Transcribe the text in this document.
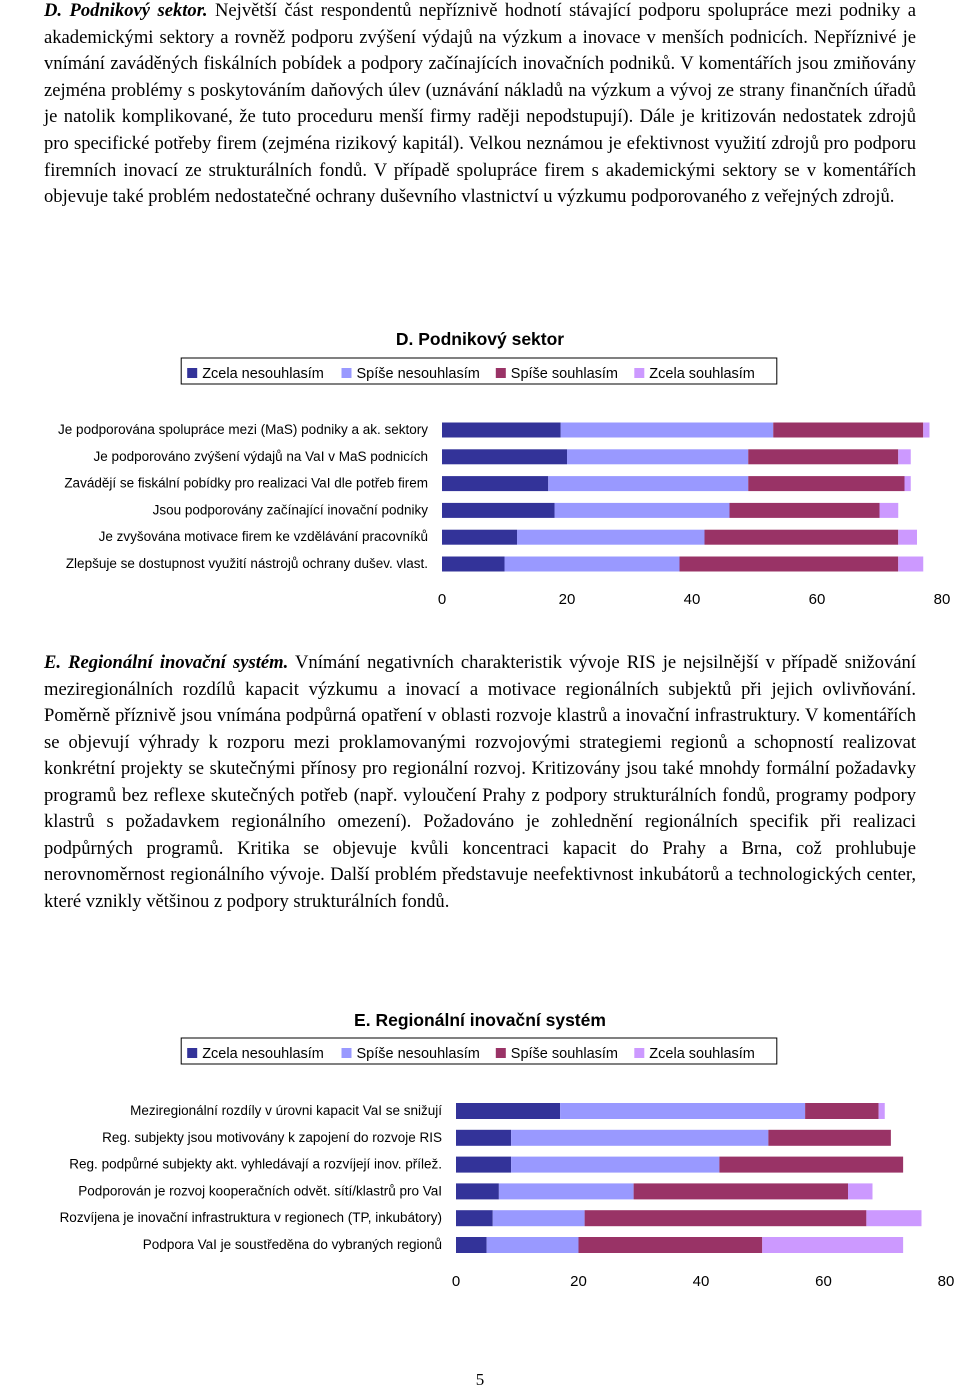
D. Podnikový sektor. Největší část respondentů nepříznivě hodnotí stávající podporu spolupráce mezi podniky a akademickými sektory a rovněž podporu zvýšení výdajů na výzkum a inovace v menších podnicích. Nepříznivé je vnímání zaváděných fiskálních pobídek a podpory začínajících inovačních podniků. V komentářích jsou zmiňovány zejména problémy s poskytováním daňových úlev (uznávání nákladů na výzkum a vývoj ze strany finančních úřadů je natolik komplikované, že tuto proceduru menší firmy raději nepodstupují). Dále je kritizován nedostatek zdrojů pro specifické potřeby firem (zejména rizikový kapitál). Velkou neznámou je efektivnost využití zdrojů pro podporu firemních inovací ze strukturálních fondů. V případě spolupráce firem s akademickými sektory se v komentářích objevuje také problém nedostatečné ochrany duševního vlastnictví u výzkumu podporovaného z veřejných zdrojů.

D. Podnikový sektor
Zcela nesouhlasím Spíše nesouhlasím Spíše souhlasím Zcela souhlasím
Je podporována spolupráce mezi (MaS) podniky a ak. sektory
Je podporováno zvýšení výdajů na VaI v MaS podnicích
Zavádějí se fiskální pobídky pro realizaci VaI dle potřeb firem
Jsou podporovány začínající inovační podniky
Je zvyšována motivace firem ke vzdělávání pracovníků
Zlepšuje se dostupnost využití nástrojů ochrany dušev. vlast.
0	20	40	60	80

E. Regionální inovační systém. Vnímání negativních charakteristik vývoje RIS je nejsilnější v případě snižování meziregionálních rozdílů kapacit výzkumu a inovací a motivace regionálních subjektů při jejich ovlivňování. Poměrně příznivě jsou vnímána podpůrná opatření v oblasti rozvoje klastrů a inovační infrastruktury. V komentářích se objevují výhrady k rozporu mezi proklamovanými rozvojovými strategiemi regionů a schopností realizovat konkrétní projekty se skutečnými přínosy pro regionální rozvoj. Kritizovány jsou také mnohdy formální požadavky programů bez reflexe skutečných potřeb (např. vyloučení Prahy z podpory strukturálních fondů, programy podpory klastrů s požadavkem regionálního omezení). Požadováno je zohlednění regionálních specifik při realizaci podpůrných programů. Kritika se objevuje kvůli koncentraci kapacit do Prahy a Brna, což prohlubuje nerovnoměrnost regionálního vývoje. Další problém představuje neefektivnost inkubátorů a technologických center, které vznikly většinou z podpory strukturálních fondů.

E. Regionální inovační systém
Zcela nesouhlasím Spíše nesouhlasím Spíše souhlasím Zcela souhlasím
Meziregionální rozdíly v úrovni kapacit VaI se snižují
Reg. subjekty jsou motivovány k zapojení do rozvoje RIS
Reg. podpůrné subjekty akt. vyhledávají a rozvíjejí inov. přílež.
Podporován je rozvoj kooperačních odvět. sítí/klastrů pro VaI
Rozvíjena je inovační infrastruktura v regionech (TP, inkubátory)
Podpora VaI je soustředěna do vybraných regionů
0	20	40	60	80
5
